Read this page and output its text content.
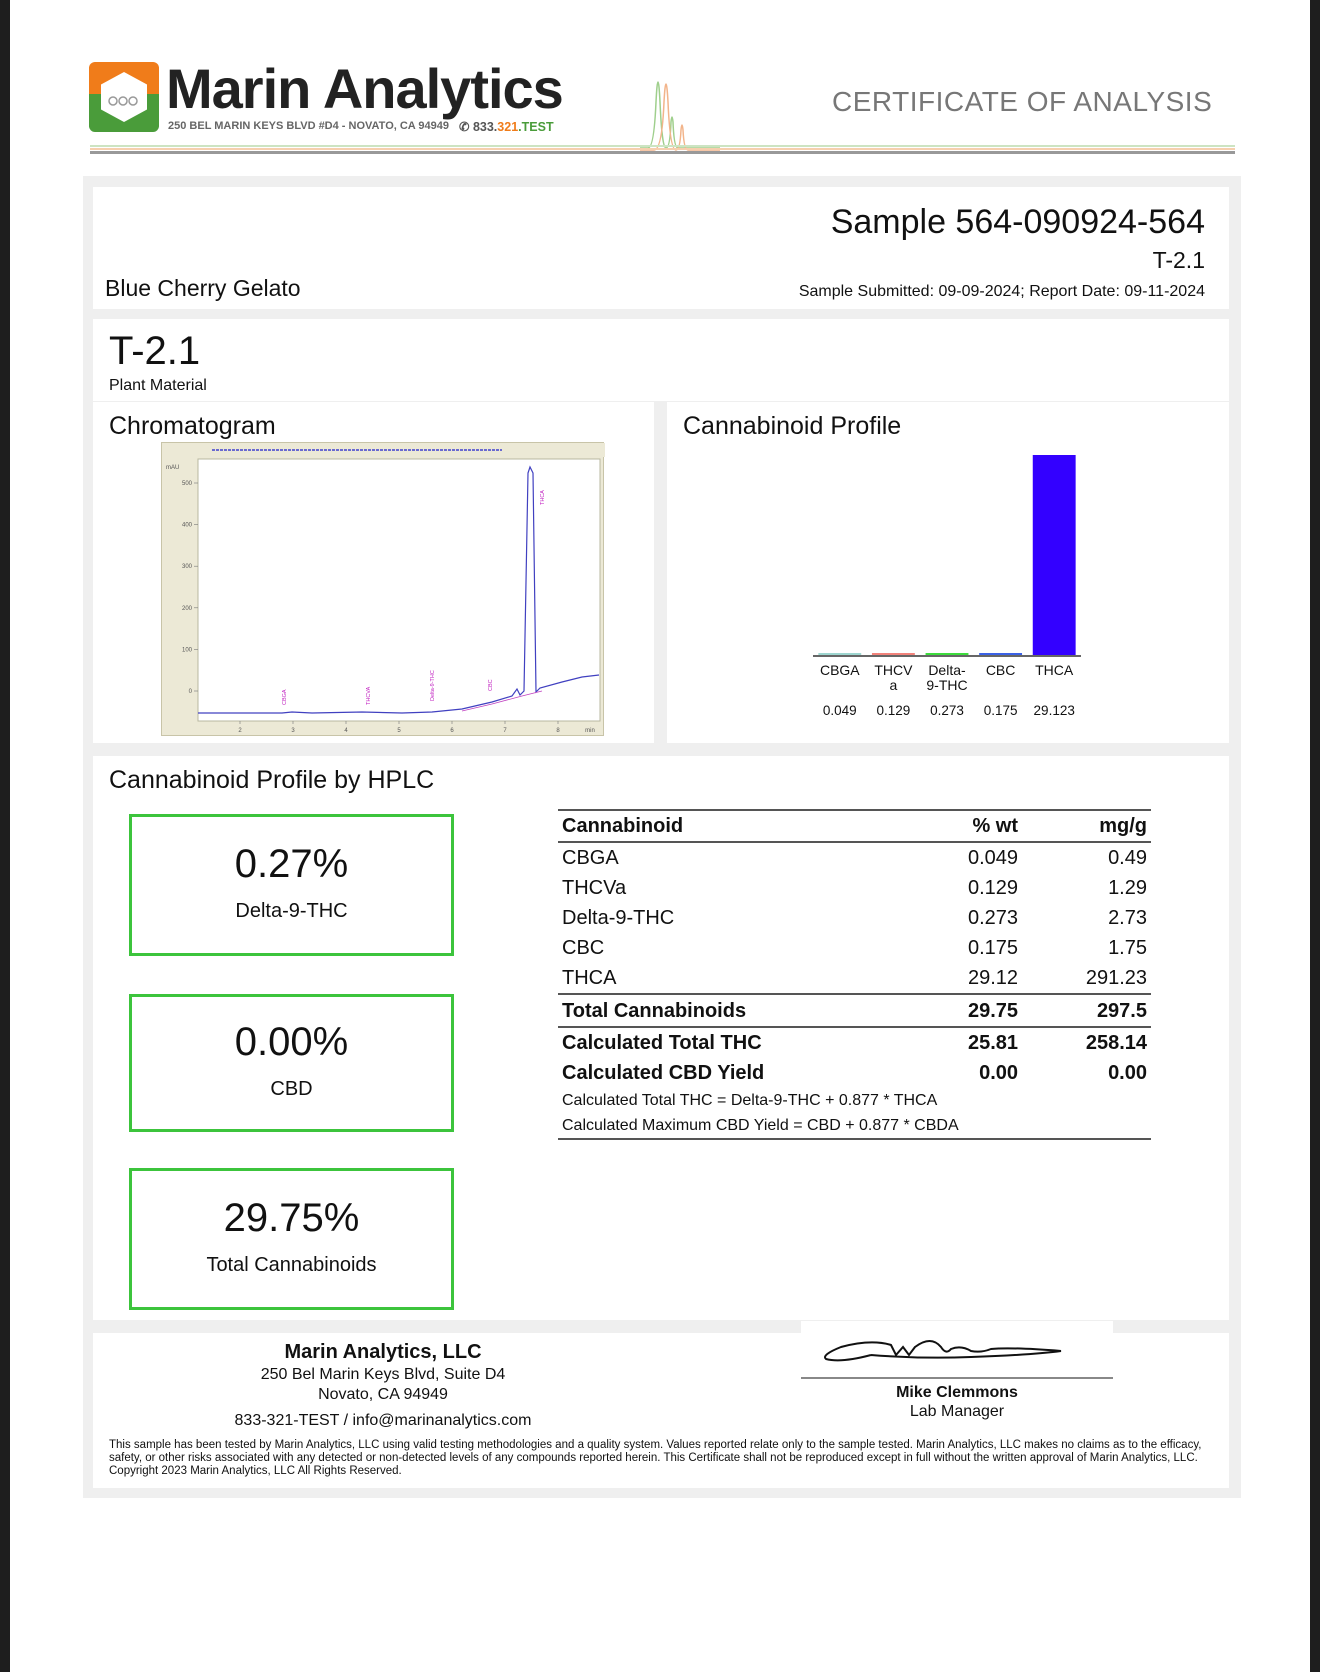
Marin Analytics
250 BEL MARIN KEYS BLVD #D4 - NOVATO, CA 94949 ✆ 833.321.TEST
CERTIFICATE OF ANALYSIS
Sample 564-090924-564
T-2.1
Sample Submitted: 09-09-2024; Report Date: 09-11-2024
Blue Cherry Gelato
T-2.1
Plant Material
Chromatogram
mAU
500
400
300
200
100
0
2	3	4	5	6	7	8	min
CBGA	THCVA	Delta-9-THC	CBC
THCA
Cannabinoid Profile
CBGA
0.049
THCV
a
0.129
Delta-
9-THC
0.273
CBC
0.175
THCA
29.123
Cannabinoid Profile by HPLC
0.27%
Delta-9-THC
0.00%
CBD
29.75%
Total Cannabinoids
Cannabinoid	% wt	mg/g
CBGA	0.049	0.49
THCVa	0.129	1.29
Delta-9-THC	0.273	2.73
CBC	0.175	1.75
THCA	29.12	291.23
Total Cannabinoids	29.75	297.5
Calculated Total THC	25.81	258.14
Calculated CBD Yield	0.00	0.00
Calculated Total THC = Delta-9-THC + 0.877 * THCA		
Calculated Maximum CBD Yield = CBD + 0.877 * CBDA		
Marin Analytics, LLC
250 Bel Marin Keys Blvd, Suite D4
Novato, CA 94949
833-321-TEST / info@marinanalytics.com
Mike Clemmons
Lab Manager
This sample has been tested by Marin Analytics, LLC using valid testing methodologies and a quality system. Values reported relate only to the sample tested. Marin Analytics, LLC makes no claims as to the efficacy, safety, or other risks associated with any detected or non-detected levels of any compounds reported herein. This Certificate shall not be reproduced except in full without the written approval of Marin Analytics, LLC. Copyright 2023 Marin Analytics, LLC All Rights Reserved.
